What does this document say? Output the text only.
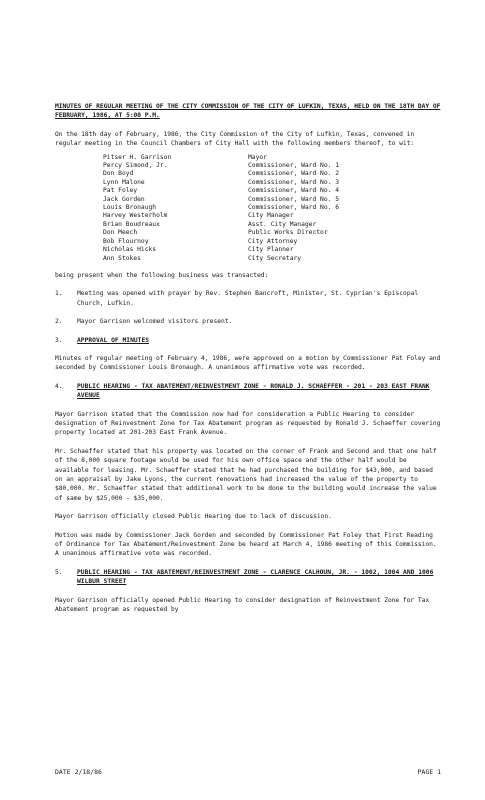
MINUTES OF REGULAR MEETING OF THE CITY COMMISSION OF THE CITY OF LUFKIN, TEXAS, HELD ON THE 18TH DAY OF FEBRUARY, 1986, AT 5:00 P.M.

On the 18th day of February, 1986, the City Commission of the City of Lufkin, Texas, convened in regular meeting in the Council Chambers of City Hall with the following members thereof, to wit:

Pitser H. Garrison	Mayor
Percy Simond, Jr.	Commissioner, Ward No. 1
Don Boyd	Commissioner, Ward No. 2
Lynn Malone	Commissioner, Ward No. 3
Pat Foley	Commissioner, Ward No. 4
Jack Gorden	Commissioner, Ward No. 5
Louis Bronaugh	Commissioner, Ward No. 6
Harvey Westerholm	City Manager
Brian Boudreaux	Asst. City Manager
Don Meech	Public Works Director
Bob Flournoy	City Attorney
Nicholas Hicks	City Planner
Ann Stokes	City Secretary

being present when the following business was transacted:

1.	Meeting was opened with prayer by Rev. Stephen Bancroft, Minister, St. Cyprian's Episcopal Church, Lufkin.
2.	Mayor Garrison welcomed visitors present.
3.	APPROVAL OF MINUTES

Minutes of regular meeting of February 4, 1986, were approved on a motion by Commissioner Pat Foley and seconded by Commissioner Louis Bronaugh. A unanimous affirmative vote was recorded.

4.	PUBLIC HEARING - TAX ABATEMENT/REINVESTMENT ZONE - RONALD J. SCHAEFFER - 201 - 203 EAST FRANK AVENUE

Mayor Garrison stated that the Commission now had for consideration a Public Hearing to consider designation of Reinvestment Zone for Tax Abatement program as requested by Ronald J. Schaeffer covering property located at 201-203 East Frank Avenue.

Mr. Schaeffer stated that his property was located on the corner of Frank and Second and that one half of the 8,000 square footage would be used for his own office space and the other half would be available for leasing. Mr. Schaeffer stated that he had purchased the building for $43,000, and based on an appraisal by Jake Lyons, the current renovations had increased the value of the property to $80,000. Mr. Schaeffer stated that additional work to be done to the building would increase the value of same by $25,000 - $35,000.

Mayor Garrison officially closed Public Hearing due to lack of discussion.

Motion was made by Commissioner Jack Gorden and seconded by Commissioner Pat Foley that First Reading of Ordinance for Tax Abatement/Reinvestment Zone be heard at March 4, 1986 meeting of this Commission. A unanimous affirmative vote was recorded.

5.	PUBLIC HEARING - TAX ABATEMENT/REINVESTMENT ZONE - CLARENCE CALHOUN, JR. - 1002, 1004 AND 1006 WILBUR STREET

Mayor Garrison officially opened Public Hearing to consider designation of Reinvestment Zone for Tax Abatement program as requested by

DATE 2/18/86	PAGE 1
